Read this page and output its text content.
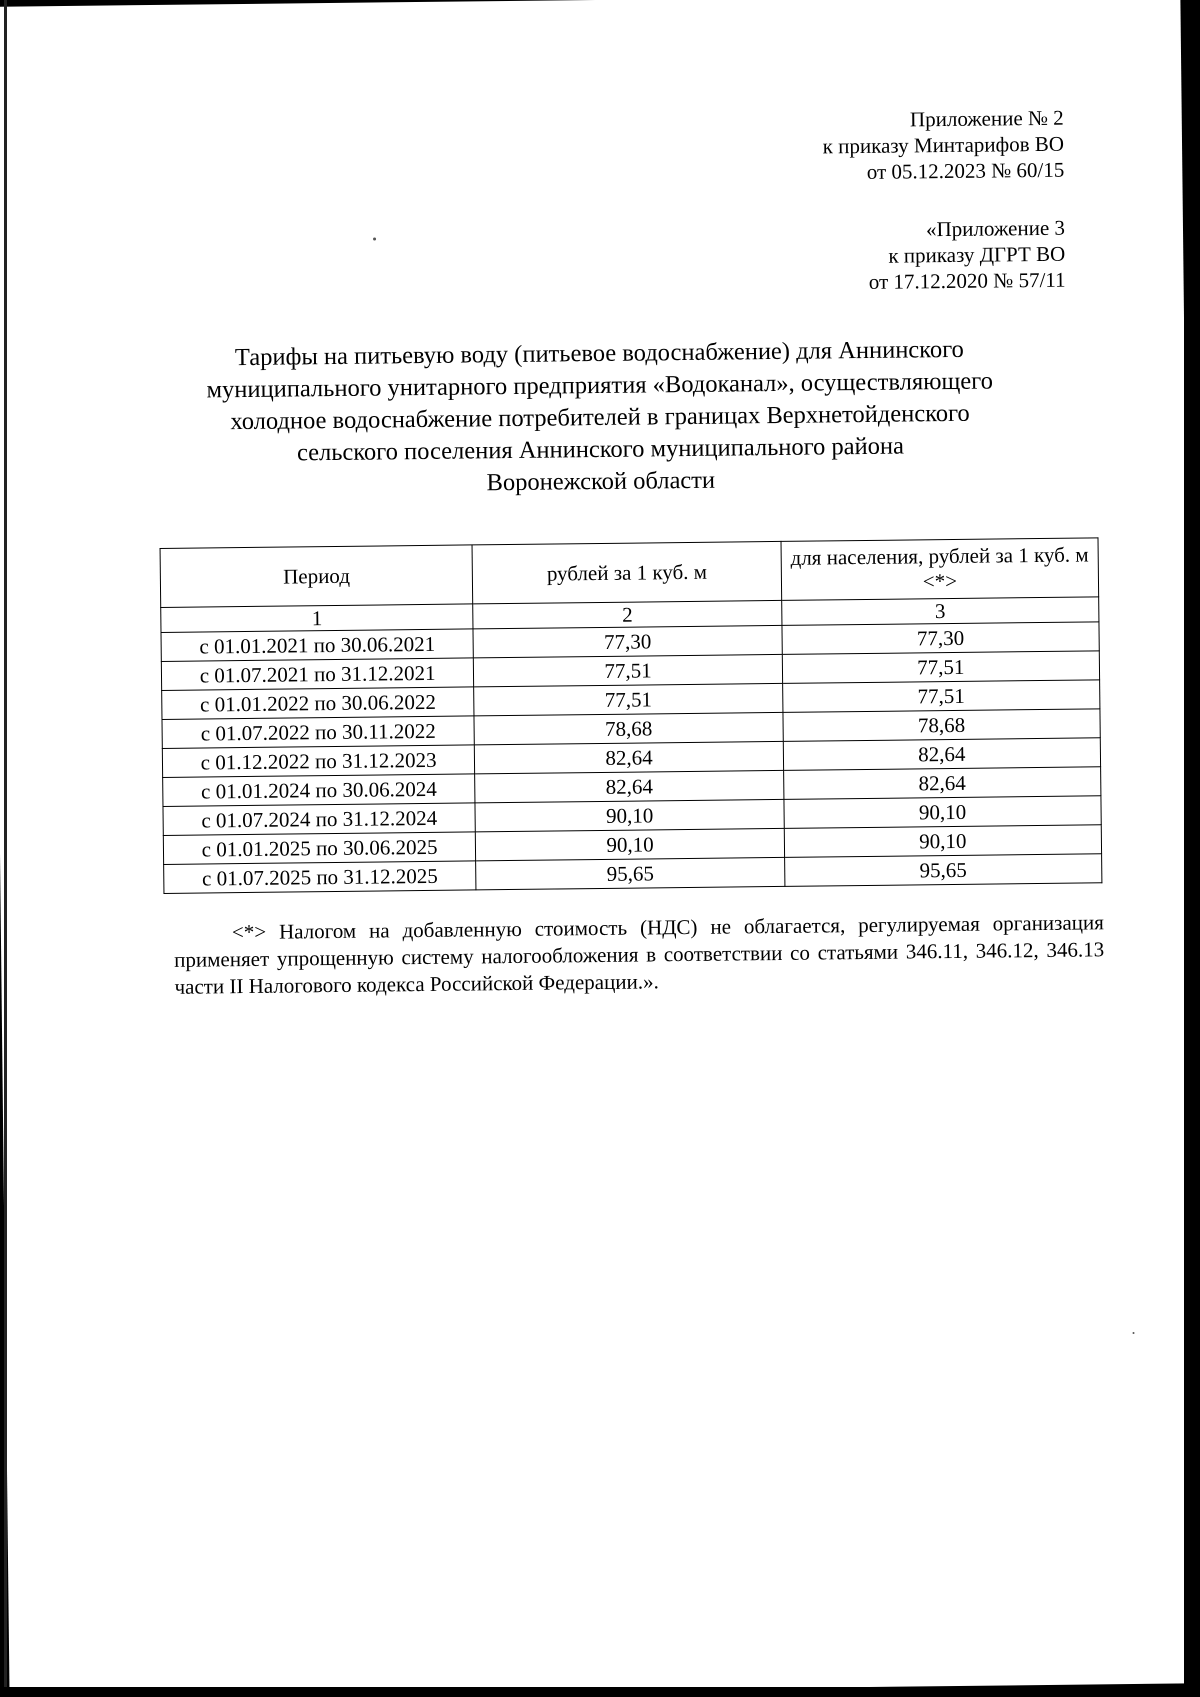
Приложение № 2
к приказу Минтарифов ВО
от 05.12.2023 № 60/15
«Приложение 3
к приказу ДГРТ ВО
от 17.12.2020 № 57/11
Тарифы на питьевую воду (питьевое водоснабжение) для Аннинского
муниципального унитарного предприятия «Водоканал», осуществляющего
холодное водоснабжение потребителей в границах Верхнетойденского
сельского поселения Аннинского муниципального района
Воронежской области
Период	рублей за 1 куб. м	для населения, рублей за 1 куб. м <*>
1	2	3
с 01.01.2021 по 30.06.2021	77,30	77,30
с 01.07.2021 по 31.12.2021	77,51	77,51
с 01.01.2022 по 30.06.2022	77,51	77,51
с 01.07.2022 по 30.11.2022	78,68	78,68
с 01.12.2022 по 31.12.2023	82,64	82,64
с 01.01.2024 по 30.06.2024	82,64	82,64
с 01.07.2024 по 31.12.2024	90,10	90,10
с 01.01.2025 по 30.06.2025	90,10	90,10
с 01.07.2025 по 31.12.2025	95,65	95,65
<*> Налогом на добавленную стоимость (НДС) не облагается, регулируемая организация применяет упрощенную систему налогообложения в соответствии со статьями 346.11, 346.12, 346.13 части II Налогового кодекса Российской Федерации.».
